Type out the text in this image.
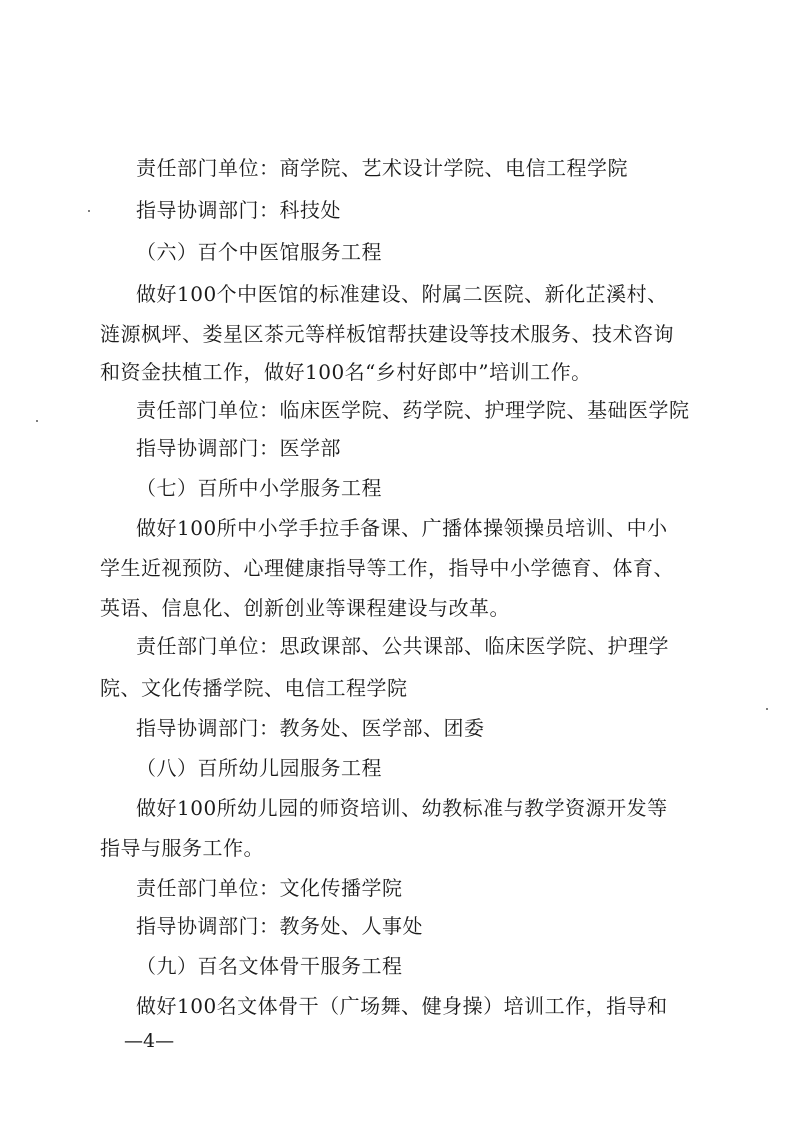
责任部门单位：商学院、艺术设计学院、电信工程学院
指导协调部门：科技处
（六）百个中医馆服务工程
做好100个中医馆的标准建设、附属二医院、新化芷溪村、
涟源枫坪、娄星区茶元等样板馆帮扶建设等技术服务、技术咨询
和资金扶植工作，做好100名“乡村好郎中”培训工作。
责任部门单位：临床医学院、药学院、护理学院、基础医学院
指导协调部门：医学部
（七）百所中小学服务工程
做好100所中小学手拉手备课、广播体操领操员培训、中小
学生近视预防、心理健康指导等工作，指导中小学德育、体育、
英语、信息化、创新创业等课程建设与改革。
责任部门单位：思政课部、公共课部、临床医学院、护理学
院、文化传播学院、电信工程学院
指导协调部门：教务处、医学部、团委
（八）百所幼儿园服务工程
做好100所幼儿园的师资培训、幼教标准与教学资源开发等
指导与服务工作。
责任部门单位：文化传播学院
指导协调部门：教务处、人事处
（九）百名文体骨干服务工程
做好100名文体骨干（广场舞、健身操）培训工作，指导和
—4—
